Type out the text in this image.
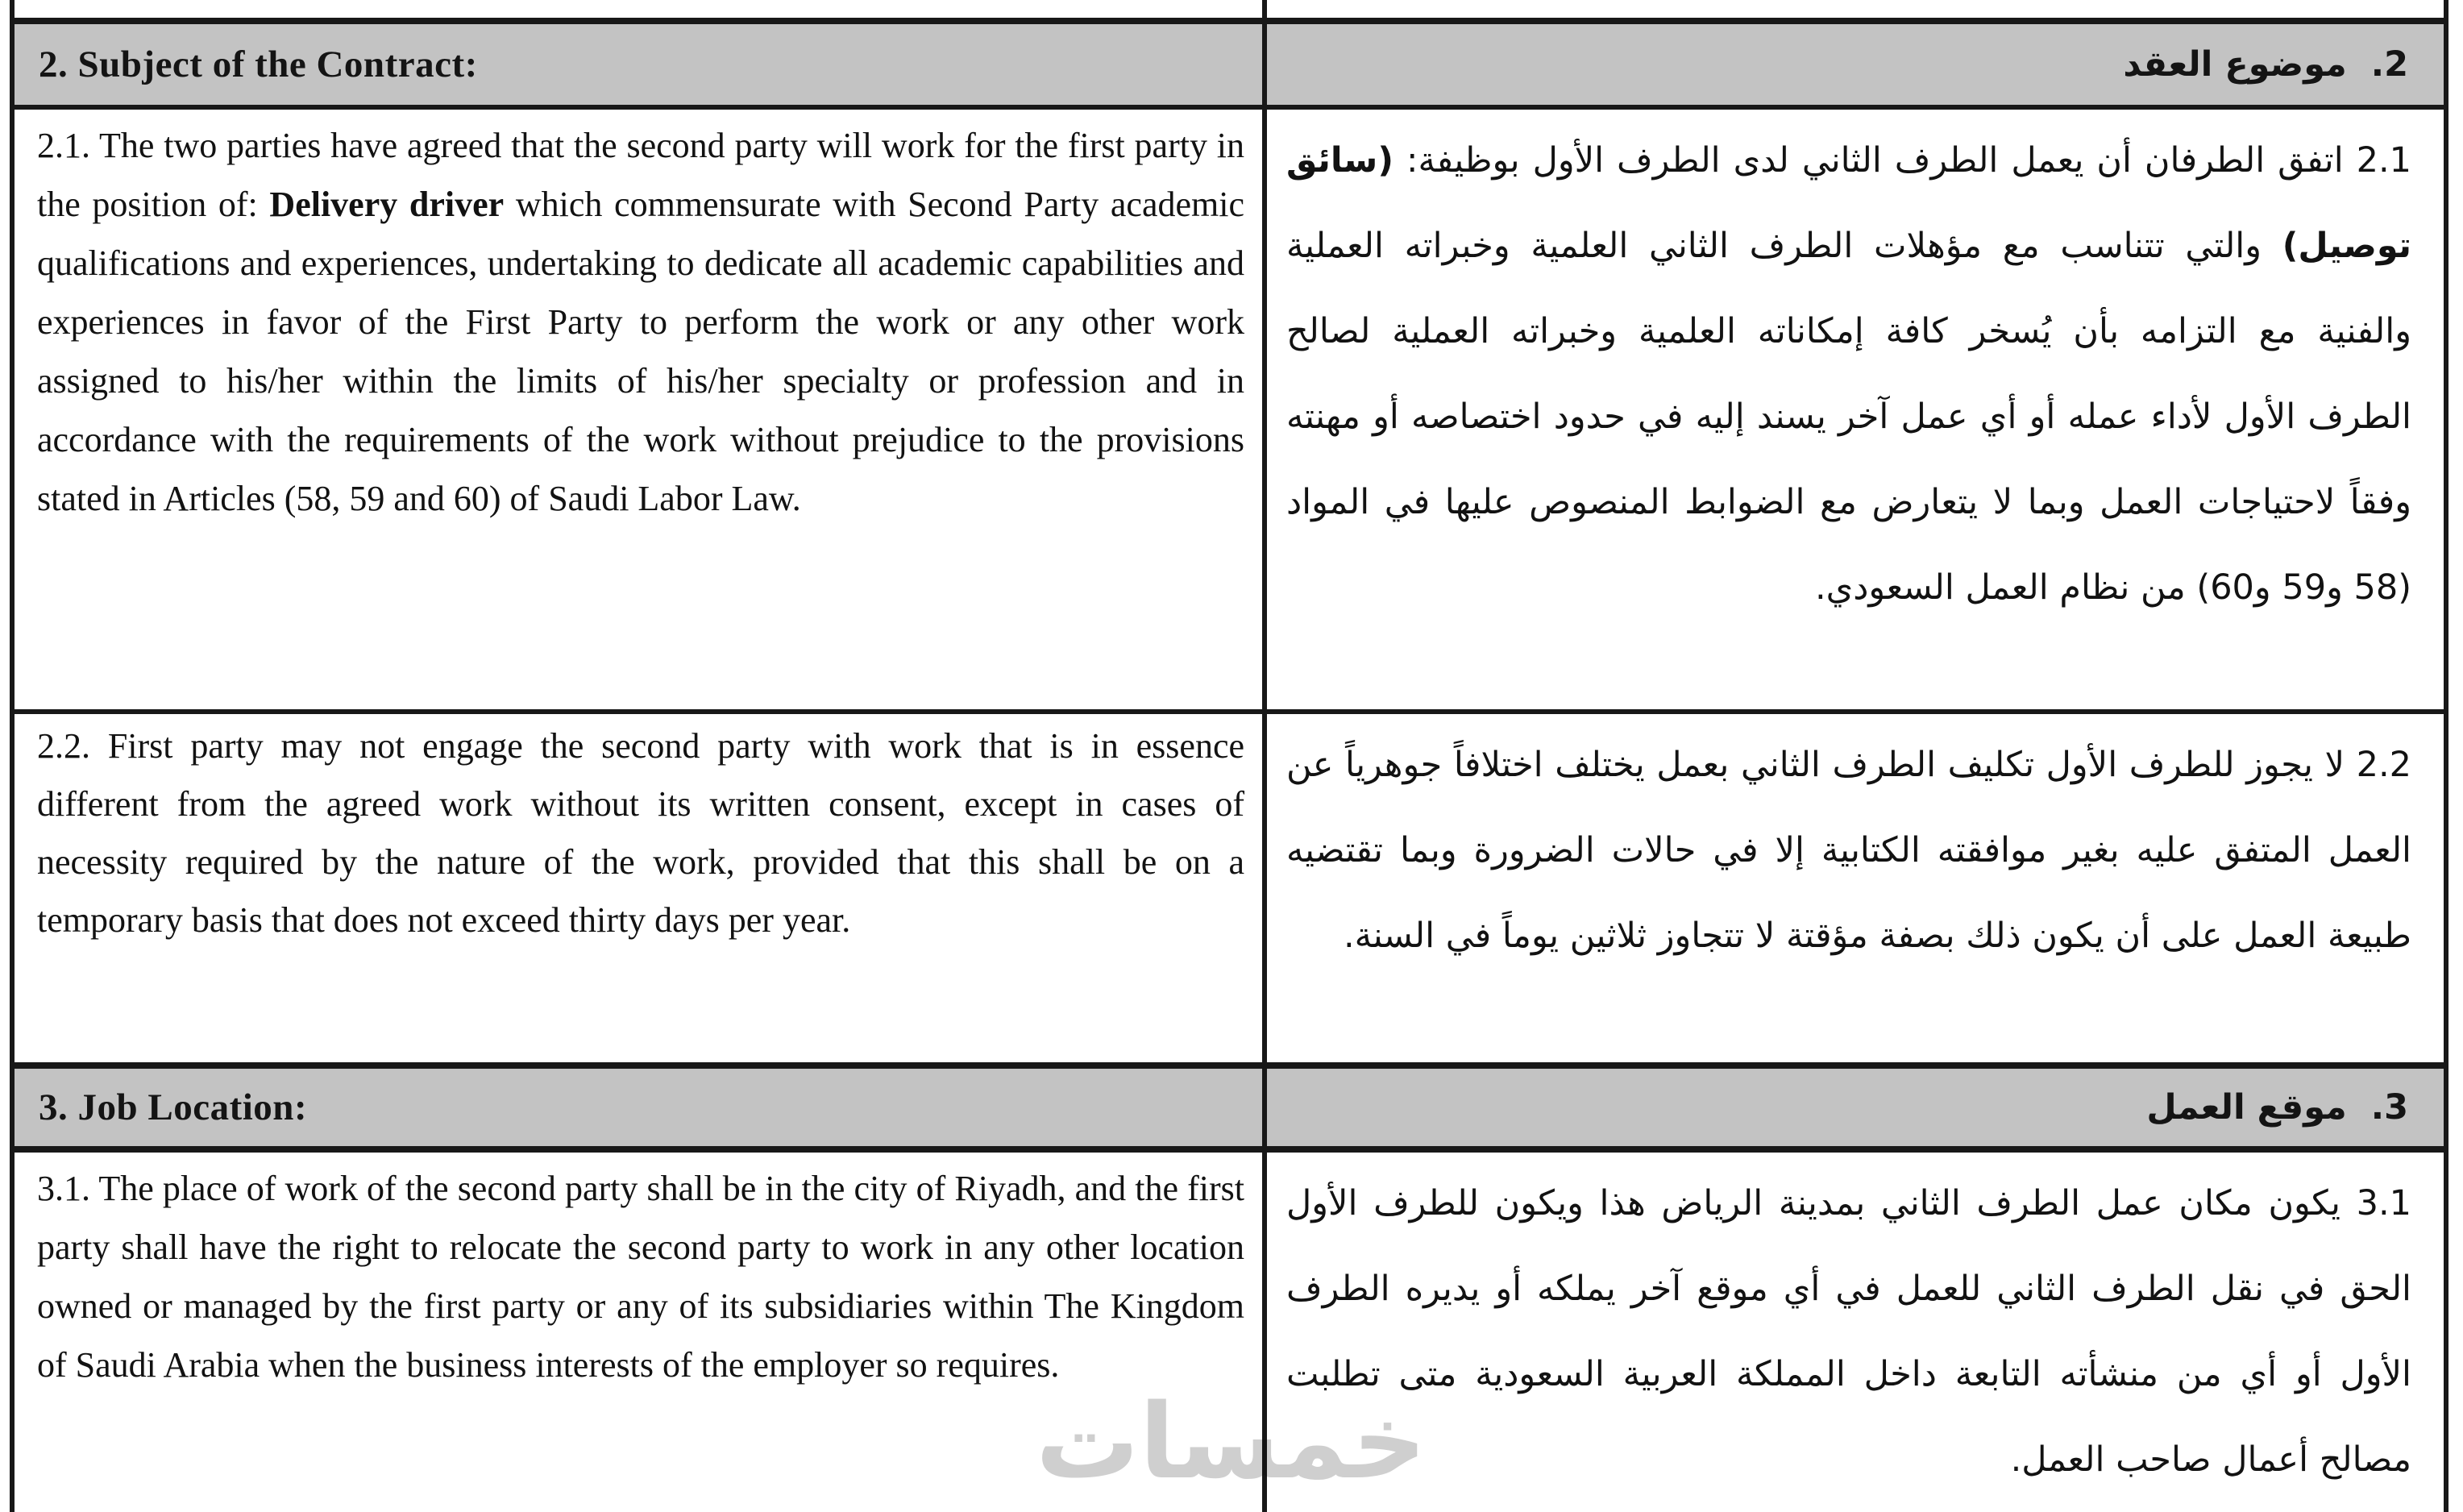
2. Subject of the Contract:	2.  موضوع العقد
2.1. The two parties have agreed that the second party will work for the first party in the position of: Delivery driver which commensurate with Second Party academic qualifications and experiences, undertaking to dedicate all academic capabilities and experiences in favor of the First Party to perform the work or any other work assigned to his/her within the limits of his/her specialty or profession and in accordance with the requirements of the work without prejudice to the provisions stated in Articles (58, 59 and 60) of Saudi Labor Law.
2.1 اتفق الطرفان أن يعمل الطرف الثاني لدى الطرف الأول بوظيفة: (سائق توصيل) والتي تتناسب مع مؤهلات الطرف الثاني العلمية وخبراته العملية والفنية مع التزامه بأن يُسخر كافة إمكاناته العلمية وخبراته العملية لصالح الطرف الأول لأداء عمله أو أي عمل آخر يسند إليه في حدود اختصاصه أو مهنته وفقاً لاحتياجات العمل وبما لا يتعارض مع الضوابط المنصوص عليها في المواد (58 و59 و60) من نظام العمل السعودي.
2.2. First party may not engage the second party with work that is in essence different from the agreed work without its written consent, except in cases of necessity required by the nature of the work, provided that this shall be on a temporary basis that does not exceed thirty days per year.
2.2 لا يجوز للطرف الأول تكليف الطرف الثاني بعمل يختلف اختلافاً جوهرياً عن العمل المتفق عليه بغير موافقته الكتابية إلا في حالات الضرورة وبما تقتضيه طبيعة العمل على أن يكون ذلك بصفة مؤقتة لا تتجاوز ثلاثين يوماً في السنة.
3. Job Location:	3.  موقع العمل
3.1. The place of work of the second party shall be in the city of Riyadh, and the first party shall have the right to relocate the second party to work in any other location owned or managed by the first party or any of its subsidiaries within The Kingdom of Saudi Arabia when the business interests of the employer so requires.
3.1 يكون مكان عمل الطرف الثاني بمدينة الرياض هذا ويكون للطرف الأول الحق في نقل الطرف الثاني للعمل في أي موقع آخر يملكه أو يديره الطرف الأول أو أي من منشأته التابعة داخل المملكة العربية السعودية متى تطلبت مصالح أعمال صاحب العمل.
خمسات
